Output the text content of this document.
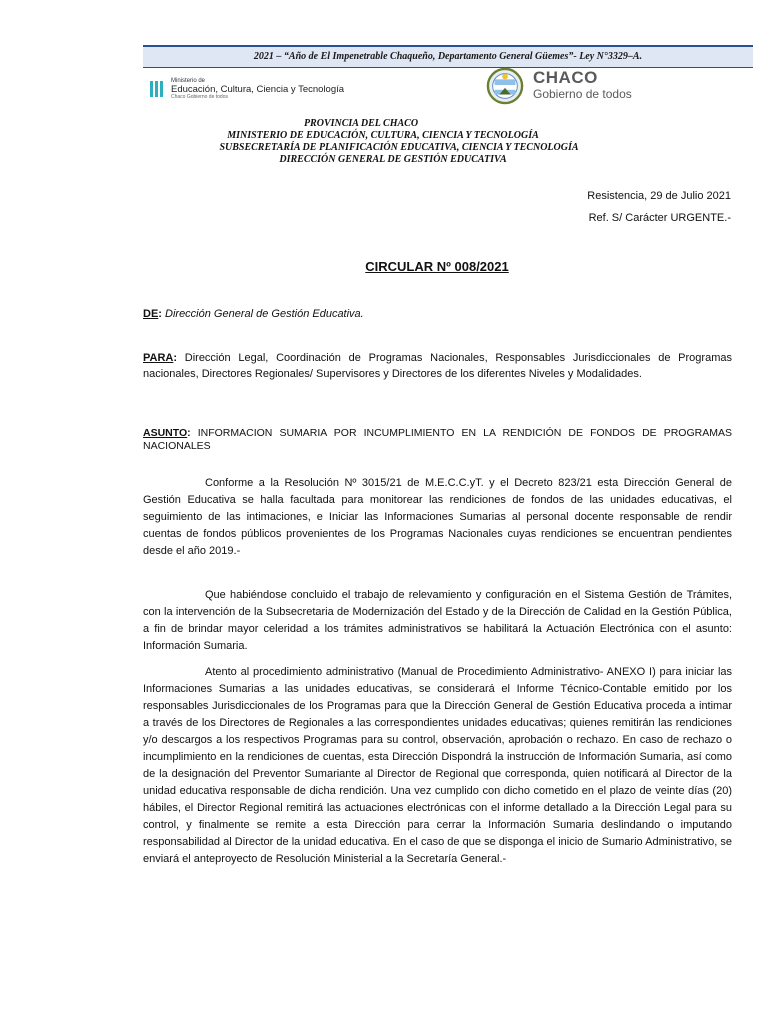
2021 – “Año de El Impenetrable Chaqueño, Departamento General Güemes”- Ley N°3329–A.
Ministerio de
Educación, Cultura, Ciencia y Tecnología
Chaco Gobierno de todos
CHACO
Gobierno de todos
PROVINCIA DEL CHACO
MINISTERIO DE EDUCACIÓN, CULTURA, CIENCIA Y TECNOLOGÍA
SUBSECRETARÍA DE PLANIFICACIÓN EDUCATIVA, CIENCIA Y TECNOLOGÍA
DIRECCIÓN GENERAL DE GESTIÓN EDUCATIVA
Resistencia, 29 de Julio 2021
Ref. S/ Carácter URGENTE.-
CIRCULAR Nº 008/2021
DE: Dirección General de Gestión Educativa.
PARA: Dirección Legal, Coordinación de Programas Nacionales, Responsables Jurisdiccionales de Programas nacionales, Directores Regionales/ Supervisores y Directores de los diferentes Niveles y Modalidades.
ASUNTO: INFORMACION SUMARIA POR INCUMPLIMIENTO EN LA RENDICIÓN DE FONDOS DE PROGRAMAS NACIONALES

Conforme a la Resolución Nº 3015/21 de M.E.C.C.yT. y el Decreto 823/21 esta Dirección General de Gestión Educativa se halla facultada para monitorear las rendiciones de fondos de las unidades educativas, el seguimiento de las intimaciones, e Iniciar las Informaciones Sumarias al personal docente responsable de rendir cuentas de fondos públicos provenientes de los Programas Nacionales cuyas rendiciones se encuentran pendientes desde el año 2019.-

Que habiéndose concluido el trabajo de relevamiento y configuración en el Sistema Gestión de Trámites, con la intervención de la Subsecretaria de Modernización del Estado y de la Dirección de Calidad en la Gestión Pública, a fin de brindar mayor celeridad a los trámites administrativos se habilitará la Actuación Electrónica con el asunto: Información Sumaria.

Atento al procedimiento administrativo (Manual de Procedimiento Administrativo- ANEXO I) para iniciar las Informaciones Sumarias a las unidades educativas, se considerará el Informe Técnico-Contable emitido por los responsables Jurisdiccionales de los Programas para que la Dirección General de Gestión Educativa proceda a intimar a través de los Directores de Regionales a las correspondientes unidades educativas; quienes remitirán las rendiciones y/o descargos a los respectivos Programas para su control, observación, aprobación o rechazo. En caso de rechazo o incumplimiento en la rendiciones de cuentas, esta Dirección Dispondrá la instrucción de Información Sumaria, así como de la designación del Preventor Sumariante al Director de Regional que corresponda, quien notificará al Director de la unidad educativa responsable de dicha rendición. Una vez cumplido con dicho cometido en el plazo de veinte días (20) hábiles, el Director Regional remitirá las actuaciones electrónicas con el informe detallado a la Dirección Legal para su control, y finalmente se remite a esta Dirección para cerrar la Información Sumaria deslindando o imputando responsabilidad al Director de la unidad educativa. En el caso de que se disponga el inicio de Sumario Administrativo, se enviará el anteproyecto de Resolución Ministerial a la Secretaría General.-
